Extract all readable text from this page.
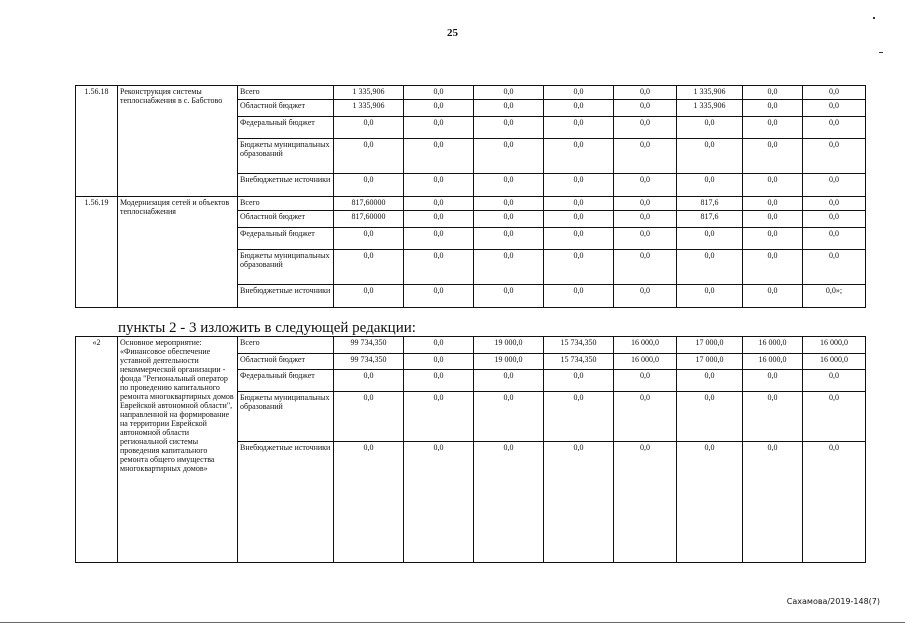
25
1.56.18	Реконструкция системы теплоснабжения в с. Бабстово	Всего	1 335,906	0,0	0,0	0,0	0,0	1 335,906	0,0	0,0
		Областной бюджет	1 335,906	0,0	0,0	0,0	0,0	1 335,906	0,0	0,0
		Федеральный бюджет	0,0	0,0	0,0	0,0	0,0	0,0	0,0	0,0
		Бюджеты муниципальных образований	0,0	0,0	0,0	0,0	0,0	0,0	0,0	0,0
		Внебюджетные источники	0,0	0,0	0,0	0,0	0,0	0,0	0,0	0,0
1.56.19	Модернизация сетей и объектов теплоснабжения	Всего	817,60000	0,0	0,0	0,0	0,0	817,6	0,0	0,0
		Областной бюджет	817,60000	0,0	0,0	0,0	0,0	817,6	0,0	0,0
		Федеральный бюджет	0,0	0,0	0,0	0,0	0,0	0,0	0,0	0,0
		Бюджеты муниципальных образований	0,0	0,0	0,0	0,0	0,0	0,0	0,0	0,0
		Внебюджетные источники	0,0	0,0	0,0	0,0	0,0	0,0	0,0	0,0»;
пункты 2 - 3 изложить в следующей редакции:
«2	Основное мероприятие: «Финансовое обеспечение уставной деятельности некоммерческой организации - фонда "Региональный оператор по проведению капитального ремонта многоквартирных домов Еврейской автономной области", направленной на формирование на территории Еврейской автономной области региональной системы проведения капитального ремонта общего имущества многоквартирных домов»	Всего	99 734,350	0,0	19 000,0	15 734,350	16 000,0	17 000,0	16 000,0	16 000,0
		Областной бюджет	99 734,350	0,0	19 000,0	15 734,350	16 000,0	17 000,0	16 000,0	16 000,0
		Федеральный бюджет	0,0	0,0	0,0	0,0	0,0	0,0	0,0	0,0
		Бюджеты муниципальных образований	0,0	0,0	0,0	0,0	0,0	0,0	0,0	0,0
		Внебюджетные источники	0,0	0,0	0,0	0,0	0,0	0,0	0,0	0,0
Сахамова/2019-148(7)
